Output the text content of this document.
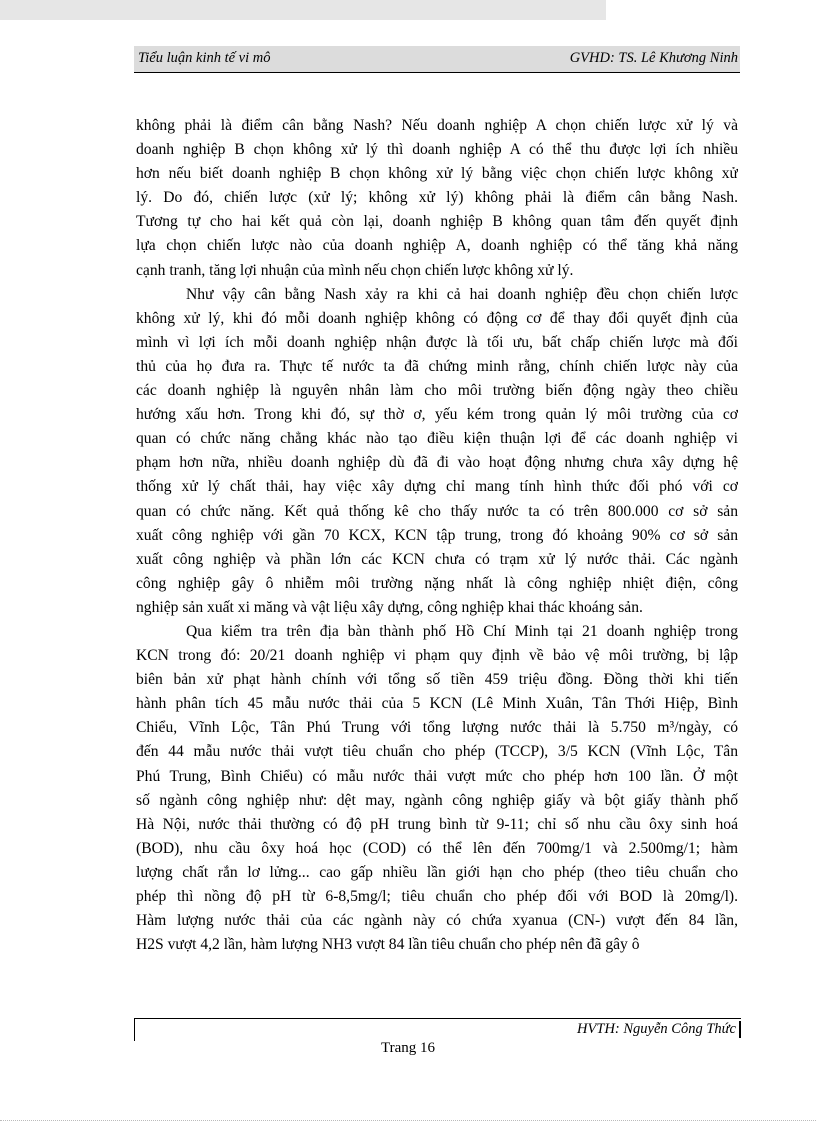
Tiểu luận kinh tế vi mô	GVHD: TS. Lê Khương Ninh
không phải là điểm cân bằng Nash? Nếu doanh nghiệp A chọn chiến lược xử lý và
doanh nghiệp B chọn không xử lý thì doanh nghiệp A có thể thu được lợi ích nhiều
hơn nếu biết doanh nghiệp B chọn không xử lý bằng việc chọn chiến lược không xử
lý. Do đó, chiến lược (xử lý; không xử lý) không phải là điểm cân bằng Nash.
Tương tự cho hai kết quả còn lại, doanh nghiệp B không quan tâm đến quyết định
lựa chọn chiến lược nào của doanh nghiệp A, doanh nghiệp có thể tăng khả năng
cạnh tranh, tăng lợi nhuận của mình nếu chọn chiến lược không xử lý.
Như vậy cân bằng Nash xảy ra khi cả hai doanh nghiệp đều chọn chiến lược
không xử lý, khi đó mỗi doanh nghiệp không có động cơ để thay đổi quyết định của
mình vì lợi ích mỗi doanh nghiệp nhận được là tối ưu, bất chấp chiến lược mà đối
thủ của họ đưa ra. Thực tế nước ta đã chứng minh rằng, chính chiến lược này của
các doanh nghiệp là nguyên nhân làm cho môi trường biến động ngày theo chiều
hướng xấu hơn. Trong khi đó, sự thờ ơ, yếu kém trong quản lý môi trường của cơ
quan có chức năng chẳng khác nào tạo điều kiện thuận lợi để các doanh nghiệp vi
phạm hơn nữa, nhiều doanh nghiệp dù đã đi vào hoạt động nhưng chưa xây dựng hệ
thống xử lý chất thải, hay việc xây dựng chỉ mang tính hình thức đối phó với cơ
quan có chức năng. Kết quả thống kê cho thấy nước ta có trên 800.000 cơ sở sản
xuất công nghiệp với gần 70 KCX, KCN tập trung, trong đó khoảng 90% cơ sở sản
xuất công nghiệp và phần lớn các KCN chưa có trạm xử lý nước thải. Các ngành
công nghiệp gây ô nhiễm môi trường nặng nhất là công nghiệp nhiệt điện, công
nghiệp sản xuất xi măng và vật liệu xây dựng, công nghiệp khai thác khoáng sản.
Qua kiểm tra trên địa bàn thành phố Hồ Chí Minh tại 21 doanh nghiệp trong
KCN trong đó: 20/21 doanh nghiệp vi phạm quy định về bảo vệ môi trường, bị lập
biên bản xử phạt hành chính với tổng số tiền 459 triệu đồng. Đồng thời khi tiến
hành phân tích 45 mẫu nước thải của 5 KCN (Lê Minh Xuân, Tân Thới Hiệp, Bình
Chiểu, Vĩnh Lộc, Tân Phú Trung với tổng lượng nước thải là 5.750 m³/ngày, có
đến 44 mẫu nước thải vượt tiêu chuẩn cho phép (TCCP), 3/5 KCN (Vĩnh Lộc, Tân
Phú Trung, Bình Chiểu) có mẫu nước thải vượt mức cho phép hơn 100 lần. Ở một
số ngành công nghiệp như: dệt may, ngành công nghiệp giấy và bột giấy thành phố
Hà Nội, nước thải thường có độ pH trung bình từ 9-11; chỉ số nhu cầu ôxy sinh hoá
(BOD), nhu cầu ôxy hoá học (COD) có thể lên đến 700mg/1 và 2.500mg/1; hàm
lượng chất rắn lơ lửng... cao gấp nhiều lần giới hạn cho phép (theo tiêu chuẩn cho
phép thì nồng độ pH từ 6-8,5mg/l; tiêu chuẩn cho phép đối với BOD là 20mg/l).
Hàm lượng nước thải của các ngành này có chứa xyanua (CN-) vượt đến 84 lần,
H2S vượt 4,2 lần, hàm lượng NH3 vượt 84 lần tiêu chuẩn cho phép nên đã gây ô
HVTH: Nguyễn Công Thức
Trang 16
